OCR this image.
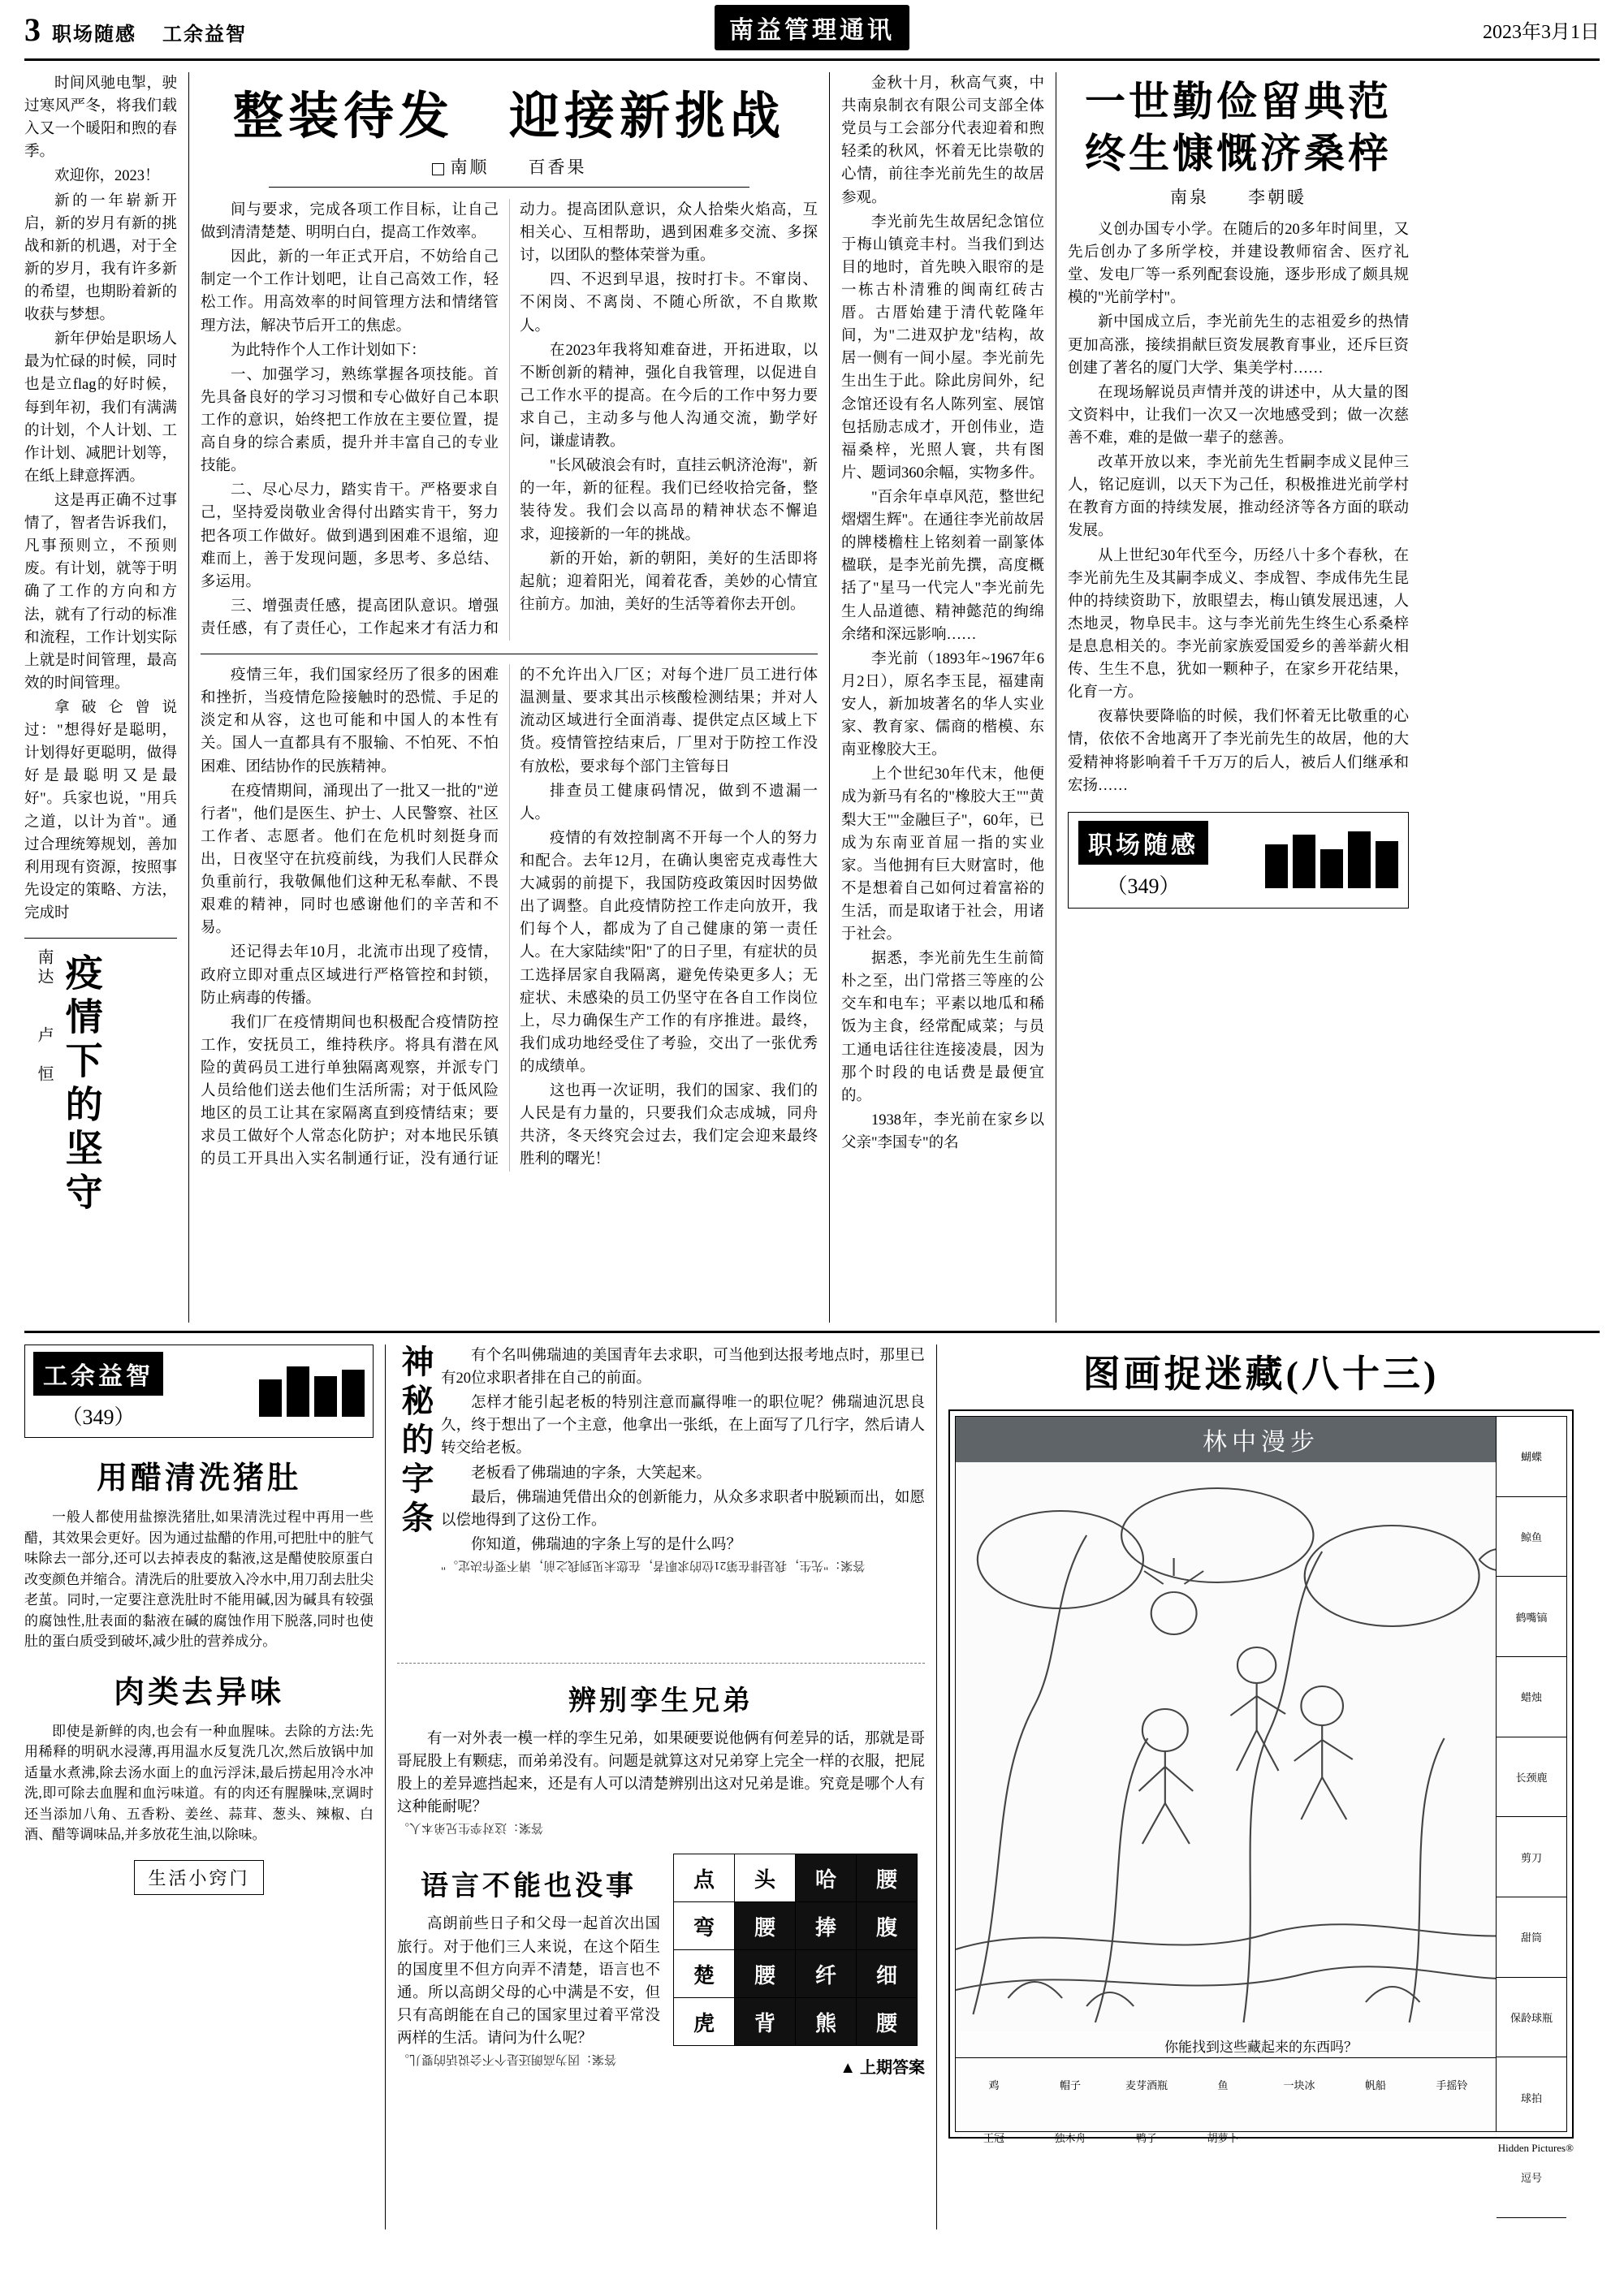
3 职场随感 工余益智	南益管理通讯	2023年3月1日

时间风驰电掣，驶过寒风严冬，将我们载入又一个暖阳和煦的春季。

欢迎你，2023！

新的一年崭新开启，新的岁月有新的挑战和新的机遇，对于全新的岁月，我有许多新的希望，也期盼着新的收获与梦想。

新年伊始是职场人最为忙碌的时候，同时也是立flag的好时候，每到年初，我们有满满的计划，个人计划、工作计划、减肥计划等，在纸上肆意挥洒。

这是再正确不过事情了，智者告诉我们，凡事预则立，不预则废。有计划，就等于明确了工作的方向和方法，就有了行动的标准和流程，工作计划实际上就是时间管理，最高效的时间管理。

拿破仑曾说过："想得好是聪明，计划得好更聪明，做得好是最聪明又是最好"。兵家也说，"用兵之道，以计为首"。通过合理统筹规划，善加利用现有资源，按照事先设定的策略、方法，完成时

疫情下的坚守
南达　　卢　恒
整装待发　迎接新挑战
南顺　　百香果

间与要求，完成各项工作目标，让自己做到清清楚楚、明明白白，提高工作效率。

因此，新的一年正式开启，不妨给自己制定一个工作计划吧，让自己高效工作，轻松工作。用高效率的时间管理方法和情绪管理方法，解决节后开工的焦虑。

为此特作个人工作计划如下：

一、加强学习，熟练掌握各项技能。首先具备良好的学习习惯和专心做好自己本职工作的意识，始终把工作放在主要位置，提高自身的综合素质，提升并丰富自己的专业技能。

二、尽心尽力，踏实肯干。严格要求自己，坚持爱岗敬业舍得付出踏实肯干，努力把各项工作做好。做到遇到困难不退缩，迎难而上，善于发现问题，多思考、多总结、多运用。

三、增强责任感，提高团队意识。增强责任感，有了责任心，工作起来才有活力和动力。提高团队意识，众人拾柴火焰高，互相关心、互相帮助，遇到困难多交流、多探讨，以团队的整体荣誉为重。

四、不迟到早退，按时打卡。不窜岗、不闲岗、不离岗、不随心所欲，不自欺欺人。

在2023年我将知难奋进，开拓进取，以不断创新的精神，强化自我管理，以促进自己工作水平的提高。在今后的工作中努力要求自己，主动多与他人沟通交流，勤学好问，谦虚请教。

"长风破浪会有时，直挂云帆济沧海"，新的一年，新的征程。我们已经收拾完备，整装待发。我们会以高昂的精神状态不懈追求，迎接新的一年的挑战。

新的开始，新的朝阳，美好的生活即将起航；迎着阳光，闻着花香，美妙的心情宜往前方。加油，美好的生活等着你去开创。

疫情三年，我们国家经历了很多的困难和挫折，当疫情危险接触时的恐慌、手足的淡定和从容，这也可能和中国人的本性有关。国人一直都具有不服输、不怕死、不怕困难、团结协作的民族精神。

在疫情期间，涌现出了一批又一批的"逆行者"，他们是医生、护士、人民警察、社区工作者、志愿者。他们在危机时刻挺身而出，日夜坚守在抗疫前线，为我们人民群众负重前行，我敬佩他们这种无私奉献、不畏艰难的精神，同时也感谢他们的辛苦和不易。

还记得去年10月，北流市出现了疫情，政府立即对重点区域进行严格管控和封锁，防止病毒的传播。

我们厂在疫情期间也积极配合疫情防控工作，安抚员工，维持秩序。将具有潜在风险的黄码员工进行单独隔离观察，并派专门人员给他们送去他们生活所需；对于低风险地区的员工让其在家隔离直到疫情结束；要求员工做好个人常态化防护；对本地民乐镇的员工开具出入实名制通行证，没有通行证的不允许出入厂区；对每个进厂员工进行体温测量、要求其出示核酸检测结果；并对人流动区域进行全面消毒、提供定点区域上下货。疫情管控结束后，厂里对于防控工作没有放松，要求每个部门主管每日

排查员工健康码情况，做到不遗漏一人。

疫情的有效控制离不开每一个人的努力和配合。去年12月，在确认奥密克戎毒性大大减弱的前提下，我国防疫政策因时因势做出了调整。自此疫情防控工作走向放开，我们每个人，都成为了自己健康的第一责任人。在大家陆续"阳"了的日子里，有症状的员工选择居家自我隔离，避免传染更多人；无症状、未感染的员工仍坚守在各自工作岗位上，尽力确保生产工作的有序推进。最终，我们成功地经受住了考验，交出了一张优秀的成绩单。

这也再一次证明，我们的国家、我们的人民是有力量的，只要我们众志成城，同舟共济，冬天终究会过去，我们定会迎来最终胜利的曙光！

金秋十月，秋高气爽，中共南泉制衣有限公司支部全体党员与工会部分代表迎着和煦轻柔的秋风，怀着无比崇敬的心情，前往李光前先生的故居参观。

李光前先生故居纪念馆位于梅山镇竞丰村。当我们到达目的地时，首先映入眼帘的是一栋古朴清雅的闽南红砖古厝。古厝始建于清代乾隆年间，为"二进双护龙"结构，故居一侧有一间小屋。李光前先生出生于此。除此房间外，纪念馆还设有名人陈列室、展馆包括励志成才，开创伟业，造福桑梓，光照人寰，共有图片、题词360余幅，实物多件。

"百余年卓卓风范，整世纪熠熠生辉"。在通往李光前故居的牌楼檐柱上铭刻着一副篆体楹联，是李光前先撰，高度概括了"星马一代完人"李光前先生人品道德、精神懿范的绚绵余绪和深远影响……

李光前（1893年~1967年6月2日），原名李玉昆，福建南安人，新加坡著名的华人实业家、教育家、儒商的楷模、东南亚橡胶大王。

上个世纪30年代末，他便成为新马有名的"橡胶大王""黄梨大王""金融巨子"，60年，已成为东南亚首屈一指的实业家。当他拥有巨大财富时，他不是想着自己如何过着富裕的生活，而是取诸于社会，用诸于社会。

据悉，李光前先生生前简朴之至，出门常搭三等座的公交车和电车；平素以地瓜和稀饭为主食，经常配咸菜；与员工通电话往往连接凌晨，因为那个时段的电话费是最便宜的。

1938年，李光前在家乡以父亲"李国专"的名

一世勤俭留典范
终生慷慨济桑梓
南泉　　李朝暖

义创办国专小学。在随后的20多年时间里，又先后创办了多所学校，并建设教师宿舍、医疗礼堂、发电厂等一系列配套设施，逐步形成了颇具规模的"光前学村"。

新中国成立后，李光前先生的志祖爱乡的热情更加高涨，接续捐献巨资发展教育事业，还斥巨资创建了著名的厦门大学、集美学村……

在现场解说员声情并茂的讲述中，从大量的图文资料中，让我们一次又一次地感受到；做一次慈善不难，难的是做一辈子的慈善。

改革开放以来，李光前先生哲嗣李成义昆仲三人，铭记庭训，以天下为己任，积极推进光前学村在教育方面的持续发展，推动经济等各方面的联动发展。

从上世纪30年代至今，历经八十多个春秋，在李光前先生及其嗣李成义、李成智、李成伟先生昆仲的持续资助下，放眼望去，梅山镇发展迅速，人杰地灵，物阜民丰。这与李光前先生终生心系桑梓是息息相关的。李光前家族爱国爱乡的善举薪火相传、生生不息，犹如一颗种子，在家乡开花结果，化育一方。

夜幕快要降临的时候，我们怀着无比敬重的心情，依依不舍地离开了李光前先生的故居，他的大爱精神将影响着千千万万的后人，被后人们继承和宏扬……

职场随感
（349）
工余益智
（349）
用醋清洗猪肚

一般人都使用盐擦洗猪肚,如果清洗过程中再用一些醋，其效果会更好。因为通过盐醋的作用,可把肚中的脏气味除去一部分,还可以去掉表皮的黏液,这是醋使胶原蛋白改变颜色并缩合。清洗后的肚要放入冷水中,用刀刮去肚尖老茧。同时,一定要注意洗肚时不能用碱,因为碱具有较强的腐蚀性,肚表面的黏液在碱的腐蚀作用下脱落,同时也使肚的蛋白质受到破坏,减少肚的营养成分。

肉类去异味

即使是新鲜的肉,也会有一种血腥味。去除的方法:先用稀释的明矾水浸薄,再用温水反复洗几次,然后放锅中加适量水煮沸,除去汤水面上的血污浮沫,最后捞起用冷水冲洗,即可除去血腥和血污味道。有的肉还有腥臊味,烹调时还当添加八角、五香粉、姜丝、蒜茸、葱头、辣椒、白酒、醋等调味品,并多放花生油,以除味。

生活小窍门
神秘的字条	有个名叫佛瑞迪的美国青年去求职，可当他到达报考地点时，那里已有20位求职者排在自己的前面。

怎样才能引起老板的特别注意而赢得唯一的职位呢？佛瑞迪沉思良久，终于想出了一个主意，他拿出一张纸，在上面写了几行字，然后请人转交给老板。

老板看了佛瑞迪的字条，大笑起来。

最后，佛瑞迪凭借出众的创新能力，从众多求职者中脱颖而出，如愿以偿地得到了这份工作。

你知道，佛瑞迪的字条上写的是什么吗？

答案："先生，我是排在第21位的求职者，在您未见到我之前，请不要作决定。"
辨别孪生兄弟

有一对外表一模一样的孪生兄弟，如果硬要说他俩有何差异的话，那就是哥哥屁股上有颗痣，而弟弟没有。问题是就算这对兄弟穿上完全一样的衣服，把屁股上的差异遮挡起来，还是有人可以清楚辨别出这对兄弟是谁。究竟是哪个人有这种能耐呢？

答案：这对孪生兄弟本人。
语言不能也没事

高朗前些日子和父母一起首次出国旅行。对于他们三人来说，在这个陌生的国度里不但方向弄不清楚，语言也不通。所以高朗父母的心中满是不安，但只有高朗能在自己的国家里过着平常没两样的生活。请问为什么呢？

答案：因为高朗还是个不会说话的婴儿。
点	头	哈	腰
弯	腰	捧	腹
楚	腰	纤	细
虎	背	熊	腰
▲ 上期答案
图画捉迷藏(八十三)
林中漫步
蝴蝶
鲸鱼
鹤嘴镐
蜡烛
长颈鹿
剪刀
甜筒
保龄球瓶
球拍
逗号
你能找到这些藏起来的东西吗？
鸡	帽子	麦芽酒瓶	鱼	一块冰	帆船	手摇铃
王冠	独木舟	鸭子	胡萝卜
Hidden Pictures®
